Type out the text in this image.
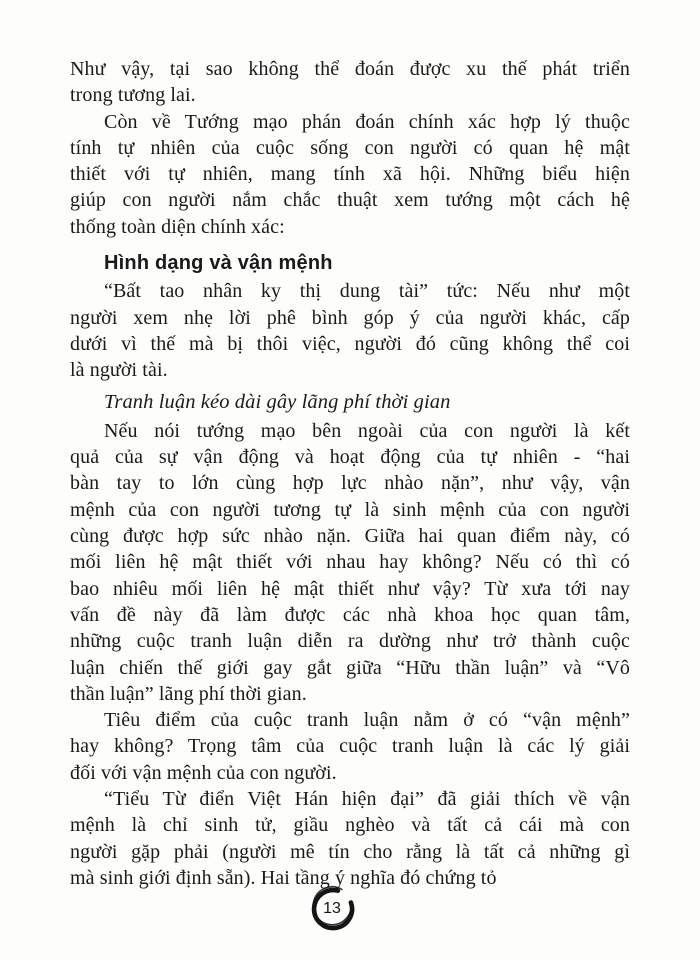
Như vậy, tại sao không thể đoán được xu thế phát triển
trong tương lai.
Còn về Tướng mạo phán đoán chính xác hợp lý thuộc
tính tự nhiên của cuộc sống con người có quan hệ mật
thiết với tự nhiên, mang tính xã hội. Những biểu hiện
giúp con người nắm chắc thuật xem tướng một cách hệ
thống toàn diện chính xác:
Hình dạng và vận mệnh
“Bất tao nhân ky thị dung tài” tức: Nếu như một
người xem nhẹ lời phê bình góp ý của người khác, cấp
dưới vì thế mà bị thôi việc, người đó cũng không thể coi
là người tài.
Tranh luận kéo dài gây lãng phí thời gian
Nếu nói tướng mạo bên ngoài của con người là kết
quả của sự vận động và hoạt động của tự nhiên - “hai
bàn tay to lớn cùng hợp lực nhào nặn”, như vậy, vận
mệnh của con người tương tự là sinh mệnh của con người
cùng được hợp sức nhào nặn. Giữa hai quan điểm này, có
mối liên hệ mật thiết với nhau hay không? Nếu có thì có
bao nhiêu mối liên hệ mật thiết như vậy? Từ xưa tới nay
vấn đề này đã làm được các nhà khoa học quan tâm,
những cuộc tranh luận diễn ra dường như trở thành cuộc
luận chiến thế giới gay gắt giữa “Hữu thần luận” và “Vô
thần luận” lãng phí thời gian.
Tiêu điểm của cuộc tranh luận nằm ở có “vận mệnh”
hay không? Trọng tâm của cuộc tranh luận là các lý giải
đối với vận mệnh của con người.
“Tiểu Từ điển Việt Hán hiện đại” đã giải thích về vận
mệnh là chỉ sinh tử, giầu nghèo và tất cả cái mà con
người gặp phải (người mê tín cho rằng là tất cả những gì
mà sinh giới định sẵn). Hai tầng ý nghĩa đó chứng tỏ
13
